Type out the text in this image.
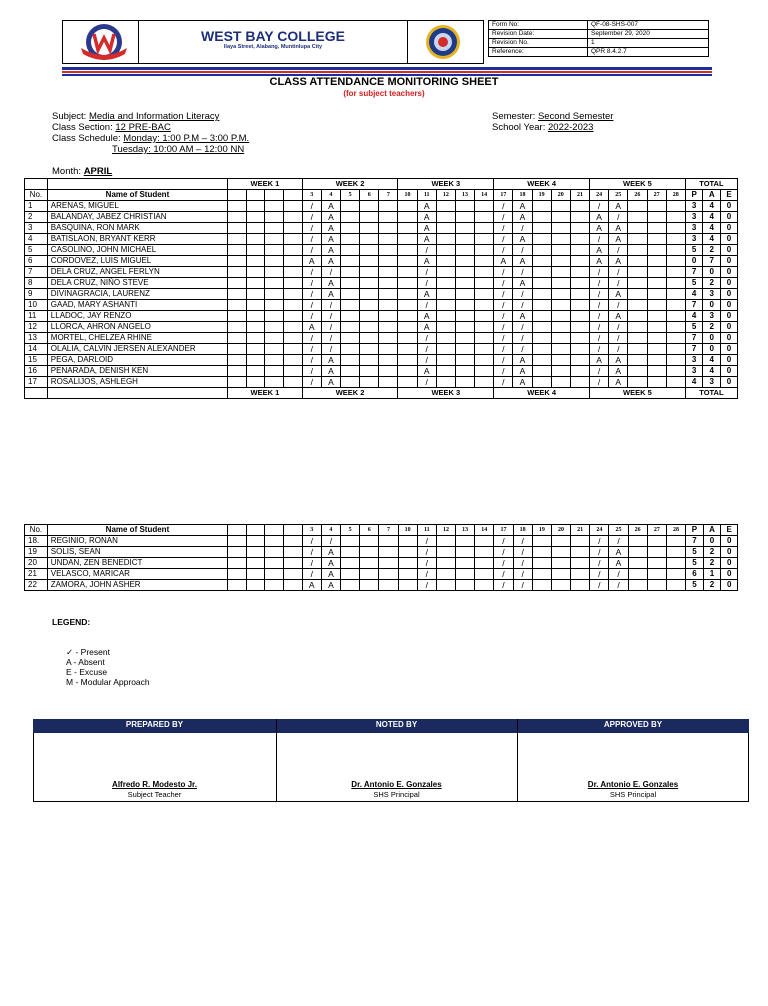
WEST BAY COLLEGE
Ilaya Street, Alabang, Muntinlupa City
Form No:	QF-08-SHS-007
Revision Date:	September 29, 2020
Revision No.	1
Reference:	QPR 8.4.2.7
CLASS ATTENDANCE MONITORING SHEET
(for subject teachers)
Subject: Media and Information Literacy
Class Section: 12 PRE-BAC
Class Schedule: Monday: 1:00 P.M – 3:00 P.M.
Tuesday: 10:00 AM – 12:00 NN
Semester: Second Semester
School Year: 2022-2023
Month: APRIL
		WEEK 1				WEEK 2					WEEK 3					WEEK 4					WEEK 5					TOTAL		
No.	Name of Student					3	4	5	6	7	10	11	12	13	14	17	18	19	20	21	24	25	26	27	28	P	A	E
1	ARENAS, MIGUEL					/	A					A				/	A				/	A				3	4	0
2	BALANDAY, JABEZ CHRISTIAN					/	A					A				/	A				A	/				3	4	0
3	BASQUINA, RON MARK					/	A					A				/	/				A	A				3	4	0
4	BATISLAON, BRYANT KERR					/	A					A				/	A				/	A				3	4	0
5	CASOLINO, JOHN MICHAEL					/	A					/				/	/				A	/				5	2	0
6	CORDOVEZ, LUIS MIGUEL					A	A					A				A	A				A	A				0	7	0
7	DELA CRUZ, ANGEL FERLYN					/	/					/				/	/				/	/				7	0	0
8	DELA CRUZ, NIÑO STEVE					/	A					/				/	A				/	/				5	2	0
9	DIVINAGRACIA, LAURENZ					/	A					A				/	/				/	A				4	3	0
10	GAAD, MARY ASHANTI					/	/					/				/	/				/	/				7	0	0
11	LLADOC, JAY RENZO					/	/					A				/	A				/	A				4	3	0
12	LLORCA, AHRON ANGELO					A	/					A				/	/				/	/				5	2	0
13	MORTEL, CHELZEA RHINE					/	/					/				/	/				/	/				7	0	0
14	OLALIA, CALVIN JERSEN ALEXANDER					/	/					/				/	/				/	/				7	0	0
15	PEGA, DARLOID					/	A					/				/	A				A	A				3	4	0
16	PENARADA, DENISH KEN					/	A					A				/	A				/	A				3	4	0
17	ROSALIJOS, ASHLEGH					/	A					/				/	A				/	A				4	3	0
		WEEK 1				WEEK 2					WEEK 3					WEEK 4					WEEK 5					TOTAL		
No.	Name of Student					3	4	5	6	7	10	11	12	13	14	17	18	19	20	21	24	25	26	27	28	P	A	E
18.	REGINIO, RONAN					/	/					/				/	/				/	/				7	0	0
19	SOLIS, SEAN					/	A					/				/	/				/	A				5	2	0
20	UNDAN, ZEN BENEDICT					/	A					/				/	/				/	A				5	2	0
21	VELASCO, MARICAR					/	A					/				/	/				/	/				6	1	0
22	ZAMORA, JOHN ASHER					A	A					/				/	/				/	/				5	2	0
LEGEND:
✓ - Present
A - Absent
E - Excuse
M - Modular Approach
PREPARED BY
Alfredo R. Modesto Jr.
Subject Teacher
NOTED BY
Dr. Antonio E. Gonzales
SHS Principal
APPROVED BY
Dr. Antonio E. Gonzales
SHS Principal
